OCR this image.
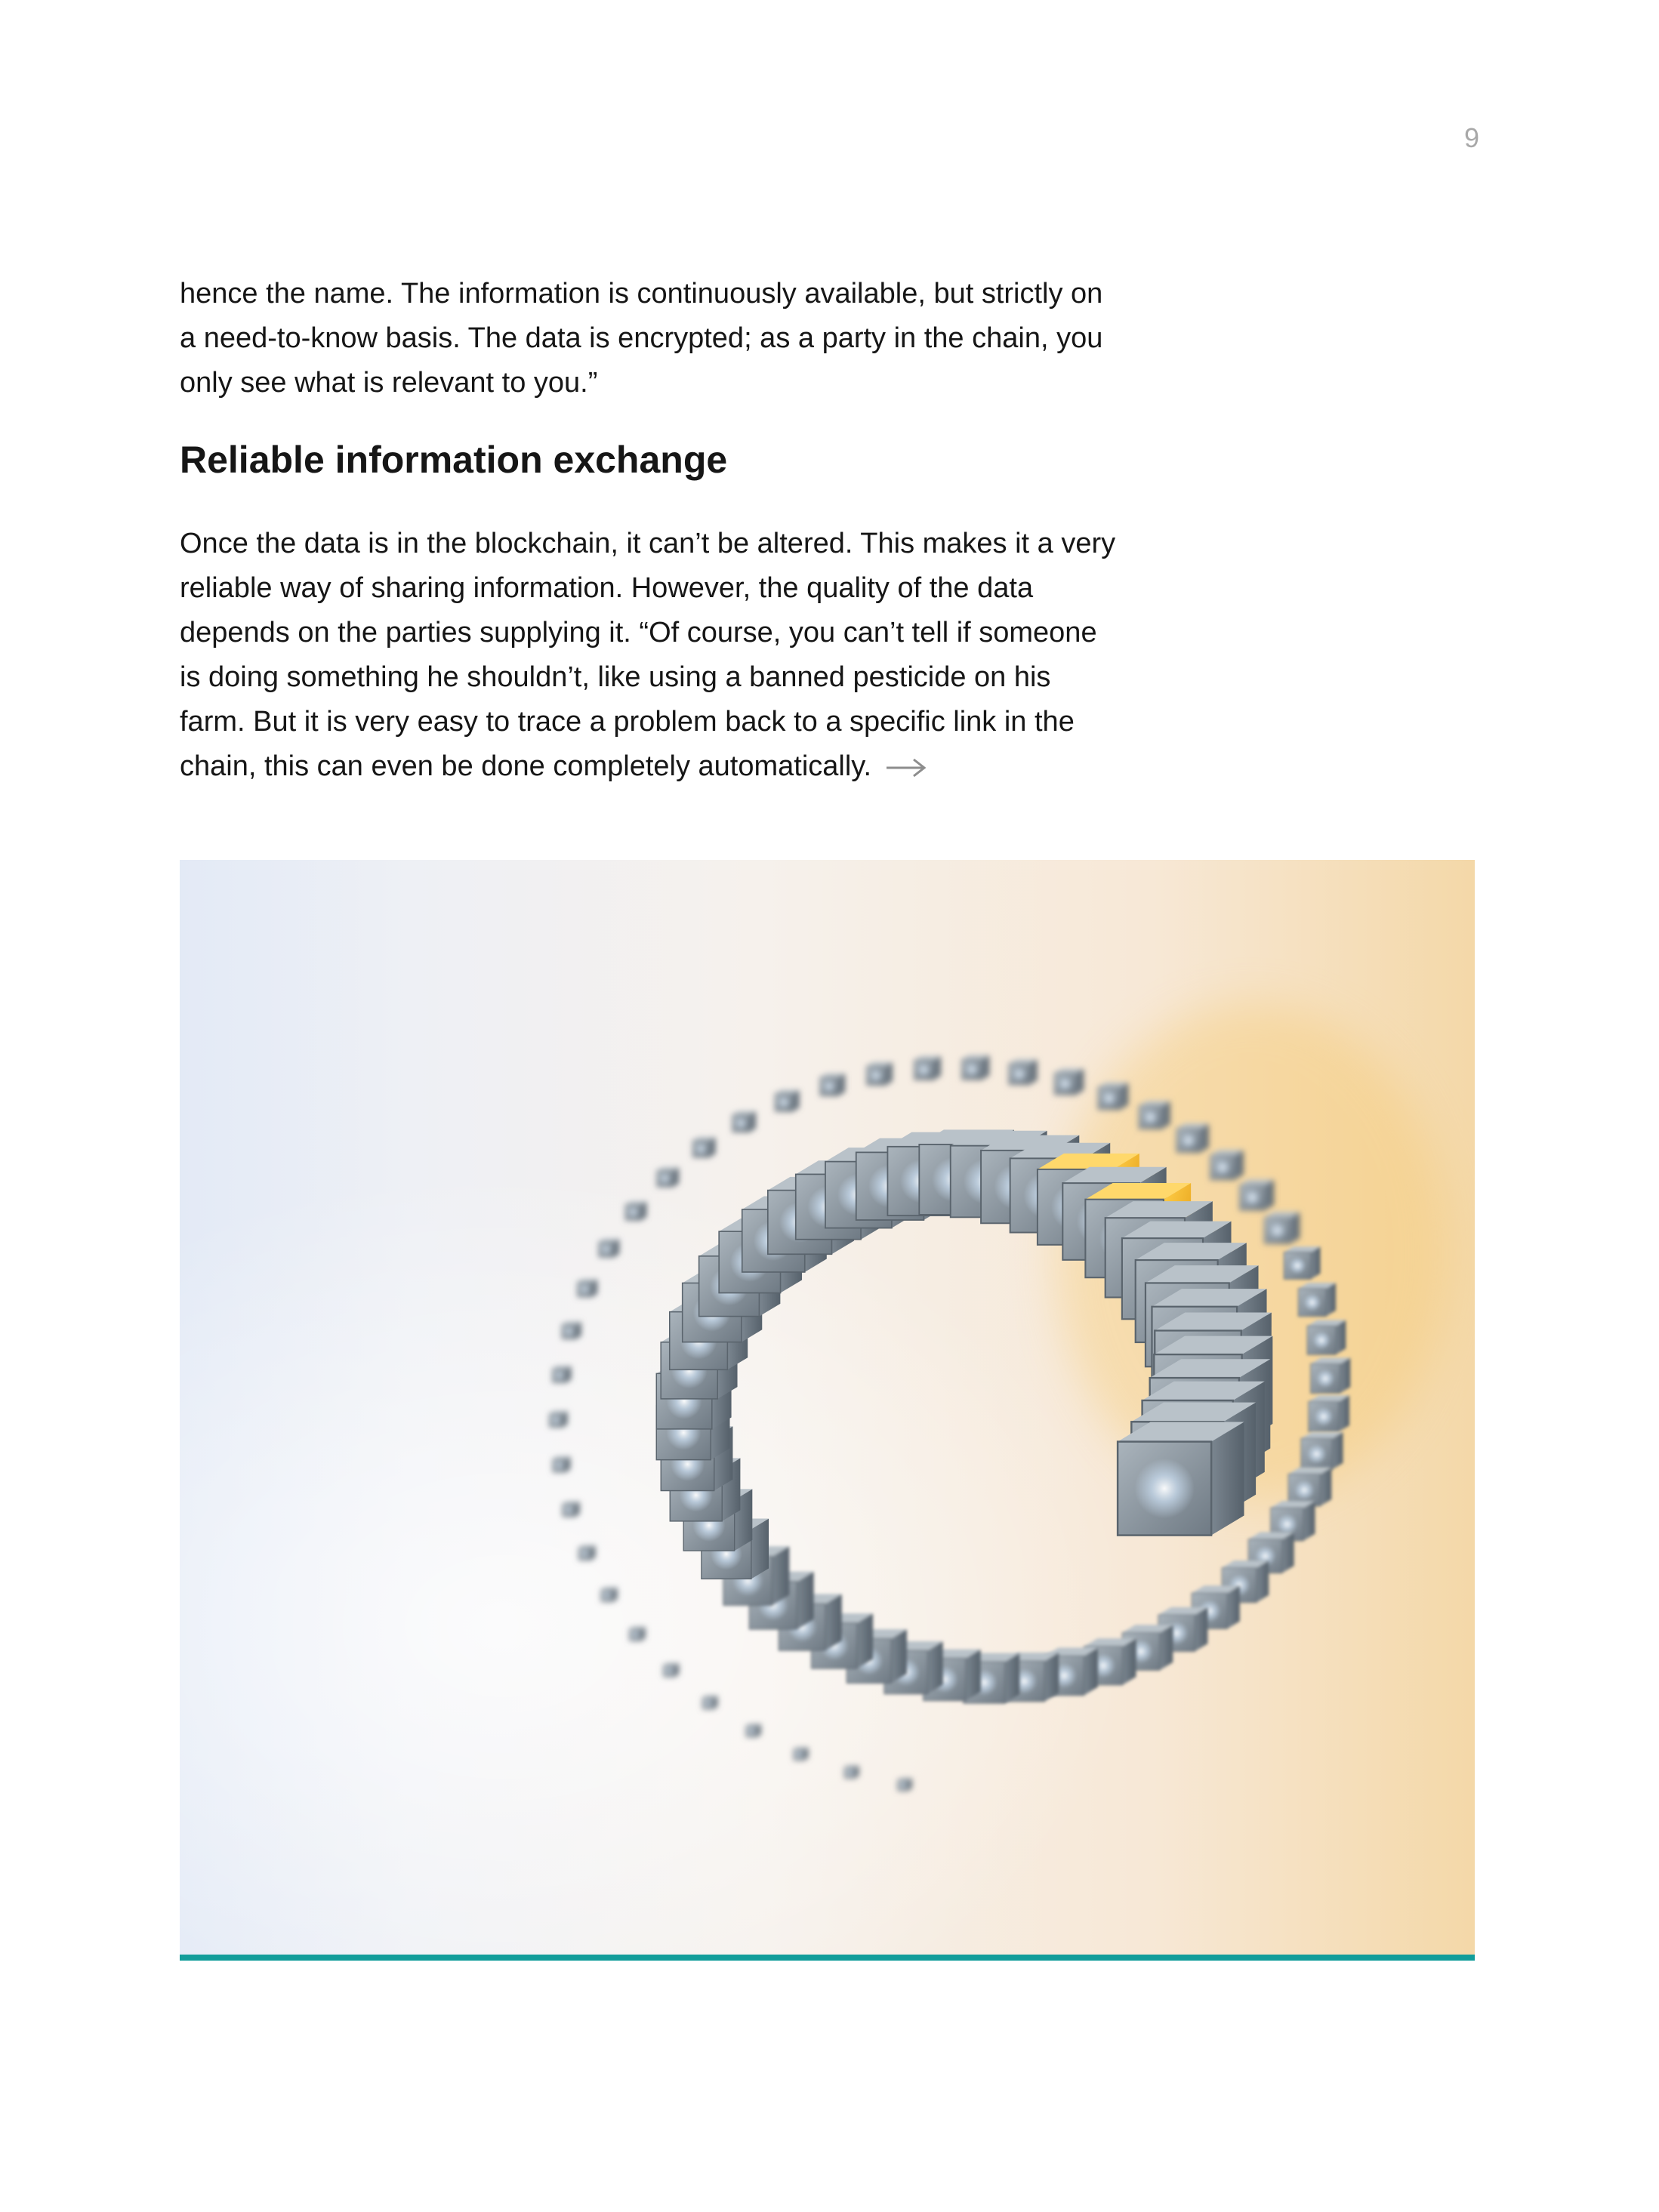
9

hence the name. The information is continuously available, but strictly on a need-to-know basis. The data is encrypted; as a party in the chain, you only see what is relevant to you.”

Reliable information exchange

Once the data is in the blockchain, it can’t be altered. This makes it a very reliable way of sharing information. However, the quality of the data depends on the parties supplying it. “Of course, you can’t tell if someone is doing something he shouldn’t, like using a banned pesticide on his farm. But it is very easy to trace a problem back to a specific link in the chain, this can even be done completely automatically.
